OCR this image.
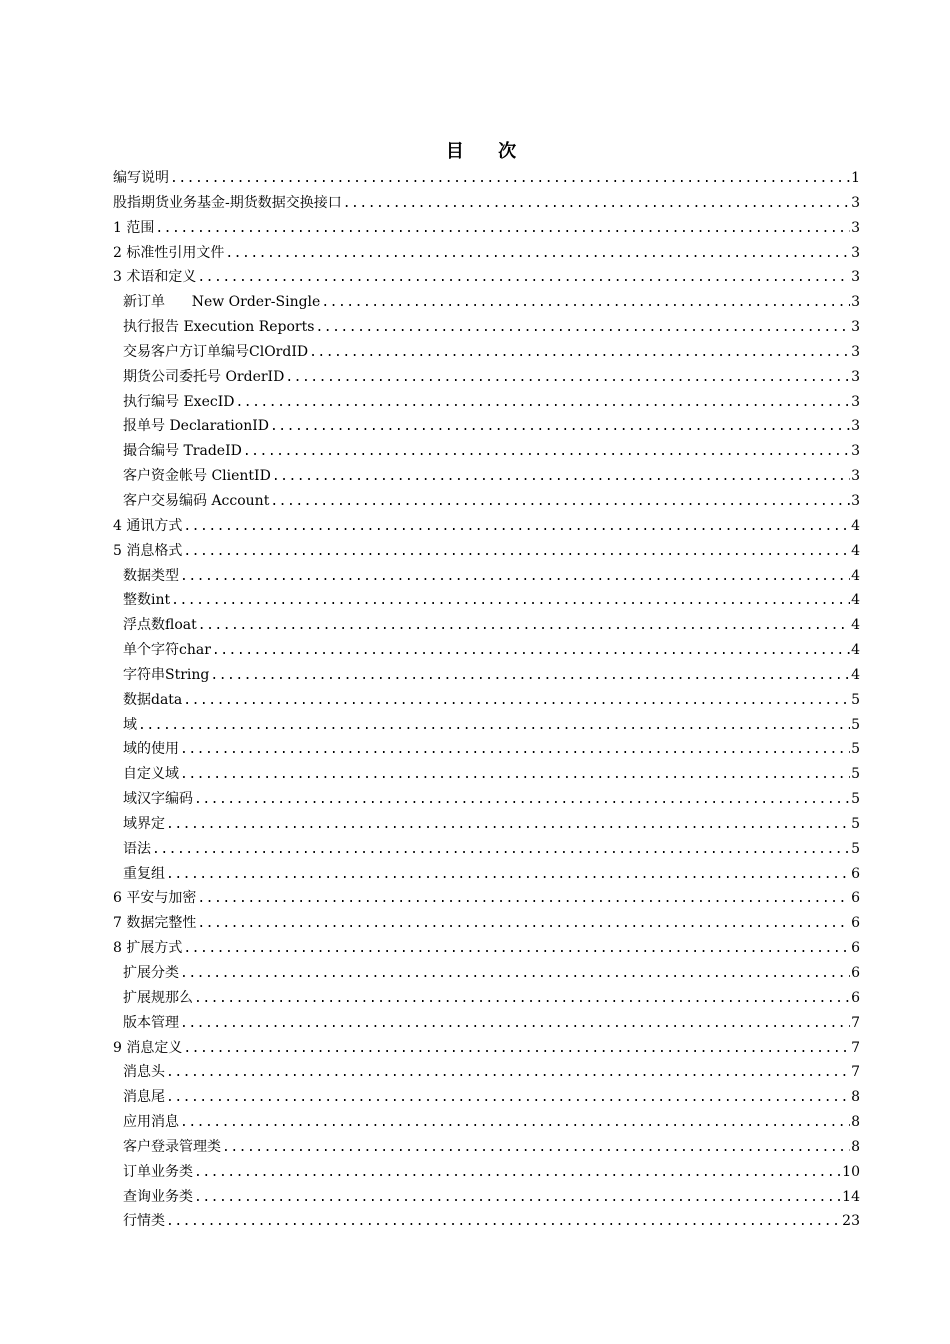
目 次
编写说明 .....	1
股指期货业务基金-期货数据交换接口 .....	3
1 范围 .....	3
2 标准性引用文件 .....	3
3 术语和定义 .....	3
新订单      New Order-Single .....	3
执行报告 Execution Reports .....	3
交易客户方订单编号ClOrdID .....	3
期货公司委托号 OrderID .....	3
执行编号 ExecID .....	3
报单号 DeclarationID .....	3
撮合编号 TradeID .....	3
客户资金帐号 ClientID .....	3
客户交易编码 Account .....	3
4 通讯方式 .....	4
5 消息格式 .....	4
数据类型 .....	4
整数int .....	4
浮点数float .....	4
单个字符char .....	4
字符串String .....	4
数据data .....	5
域 .....	5
域的使用 .....	5
自定义域 .....	5
域汉字编码 .....	5
域界定 .....	5
语法 .....	5
重复组 .....	6
6 平安与加密 .....	6
7 数据完整性 .....	6
8 扩展方式 .....	6
扩展分类 .....	6
扩展规那么 .....	6
版本管理 .....	7
9 消息定义 .....	7
消息头 .....	7
消息尾 .....	8
应用消息 .....	8
客户登录管理类 .....	8
订单业务类 .....	10
查询业务类 .....	14
行情类 .....	23
